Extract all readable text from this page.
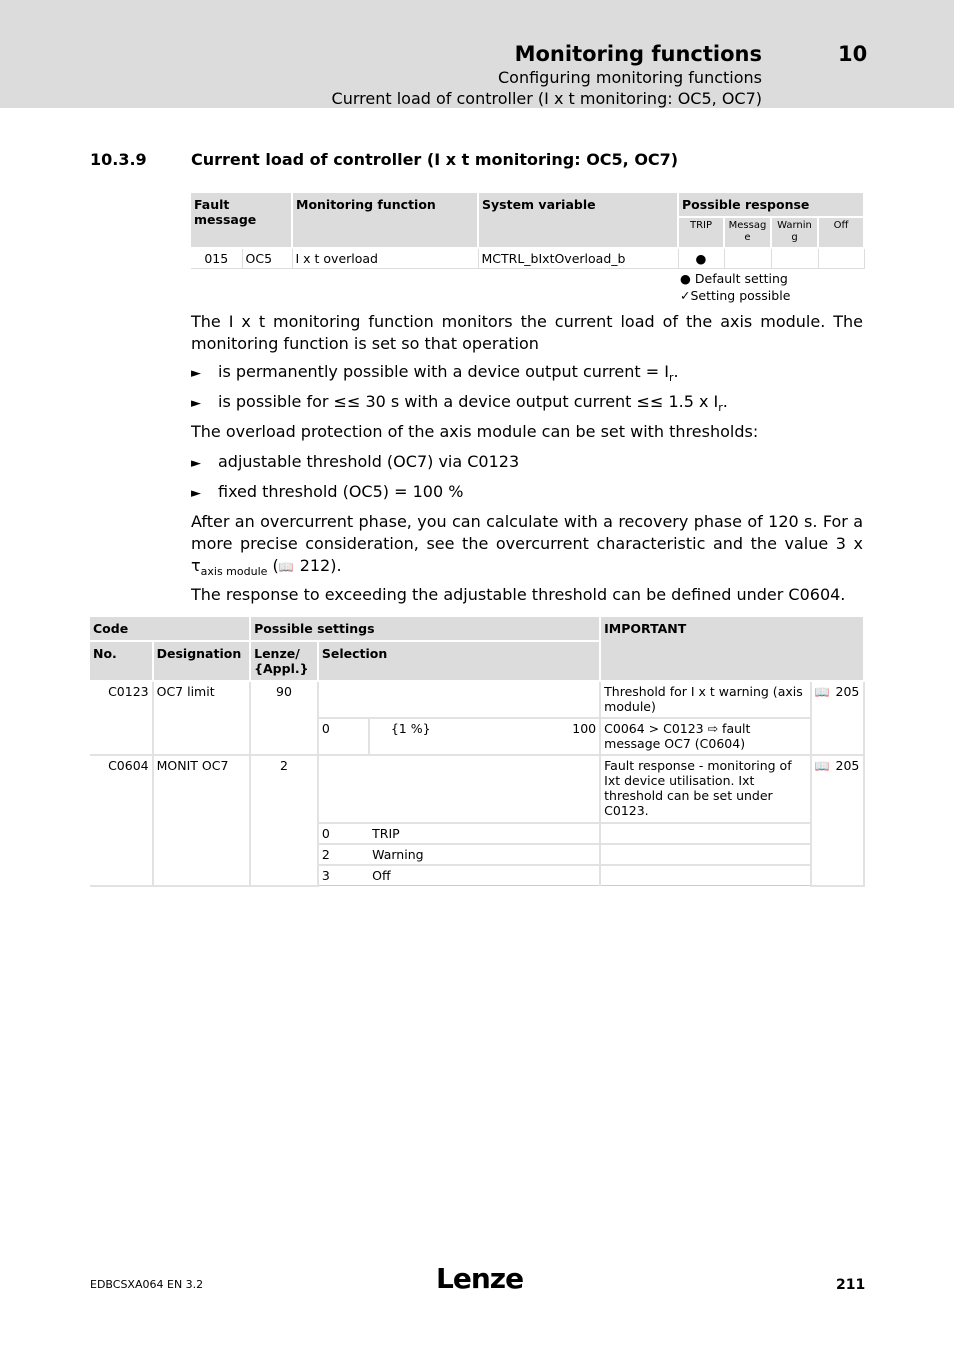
Monitoring functions	10
Configuring monitoring functions
Current load of controller (I x t monitoring: OC5, OC7)
10.3.9	Current load of controller (I x t monitoring: OC5, OC7)
Fault message		Monitoring function	System variable	Possible response			
				TRIP	Messag e	Warnin g	Off
015	OC5	I x t overload	MCTRL_bIxtOverload_b	●			
● Default setting
✓Setting possible

The I x t monitoring function monitors the current load of the axis module. The monitoring function is set so that operation

► is permanently possible with a device output current = $I_r$.
► is possible for ≤≤ 30 s with a device output current ≤≤ 1.5 x $I_r$.

The overload protection of the axis module can be set with thresholds:

► adjustable threshold (OC7) via C0123
► fixed threshold (OC5) = 100 %

After an overcurrent phase, you can calculate with a recovery phase of 120 s. For a more precise consideration, see the overcurrent characteristic and the value 3 x $\tau_{axis module}$ (📖 212).

The response to exceeding the adjustable threshold can be defined under C0604.

Code		Possible settings				IMPORTANT	
No.	Designation	Lenze/ {Appl.}	Selection				
C0123	OC7 limit	90				Threshold for I x t warning (axis module)	📖 205
			0	{1 %}	100	C0064 > C0123 ⇨ fault message OC7 (C0604)	
C0604	MONIT OC7	2				Fault response - monitoring of Ixt device utilisation. Ixt threshold can be set under C0123.	📖 205
			0	TRIP			
			2	Warning			
			3	Off			
EDBCSXA064 EN 3.2	Lenze	211
